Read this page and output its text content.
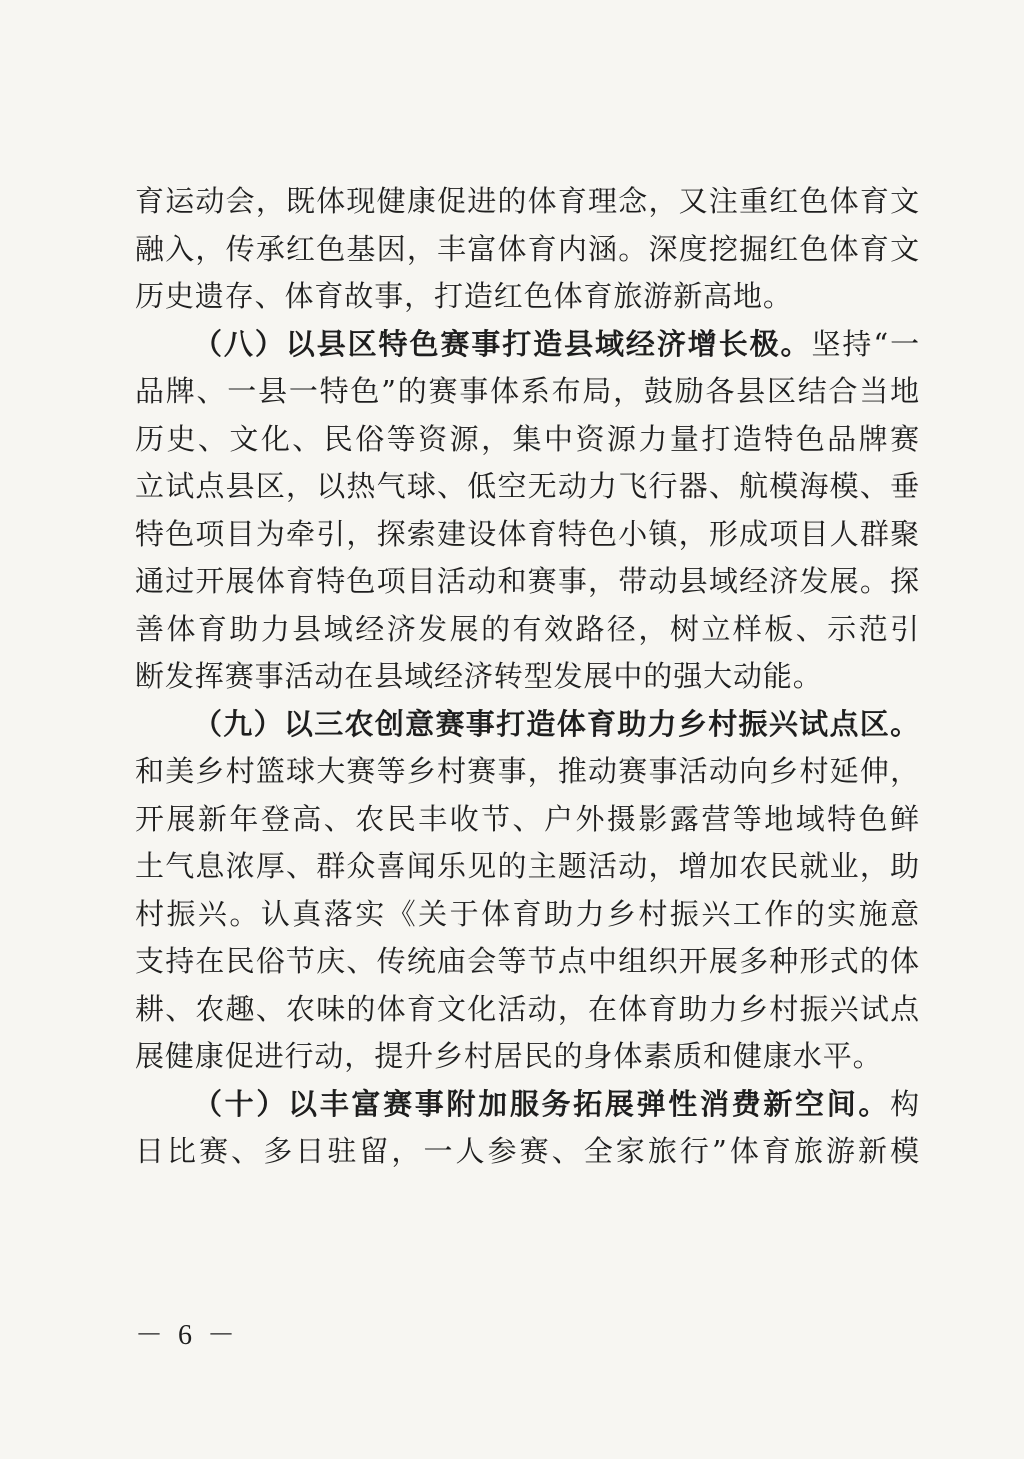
育运动会，既体现健康促进的体育理念，又注重红色体育文
融入，传承红色基因，丰富体育内涵。深度挖掘红色体育文
历史遗存、体育故事，打造红色体育旅游新高地。
（八）以县区特色赛事打造县域经济增长极。坚持“一
品牌、一县一特色”的赛事体系布局，鼓励各县区结合当地
历史、文化、民俗等资源，集中资源力量打造特色品牌赛
立试点县区，以热气球、低空无动力飞行器、航模海模、垂
特色项目为牵引，探索建设体育特色小镇，形成项目人群聚
通过开展体育特色项目活动和赛事，带动县域经济发展。探
善体育助力县域经济发展的有效路径，树立样板、示范引
断发挥赛事活动在县域经济转型发展中的强大动能。
（九）以三农创意赛事打造体育助力乡村振兴试点区。
和美乡村篮球大赛等乡村赛事，推动赛事活动向乡村延伸，
开展新年登高、农民丰收节、户外摄影露营等地域特色鲜
土气息浓厚、群众喜闻乐见的主题活动，增加农民就业，助
村振兴。认真落实《关于体育助力乡村振兴工作的实施意
支持在民俗节庆、传统庙会等节点中组织开展多种形式的体
耕、农趣、农味的体育文化活动，在体育助力乡村振兴试点
展健康促进行动，提升乡村居民的身体素质和健康水平。
（十）以丰富赛事附加服务拓展弹性消费新空间。构
日比赛、多日驻留，一人参赛、全家旅行”体育旅游新模
－ 6 －
